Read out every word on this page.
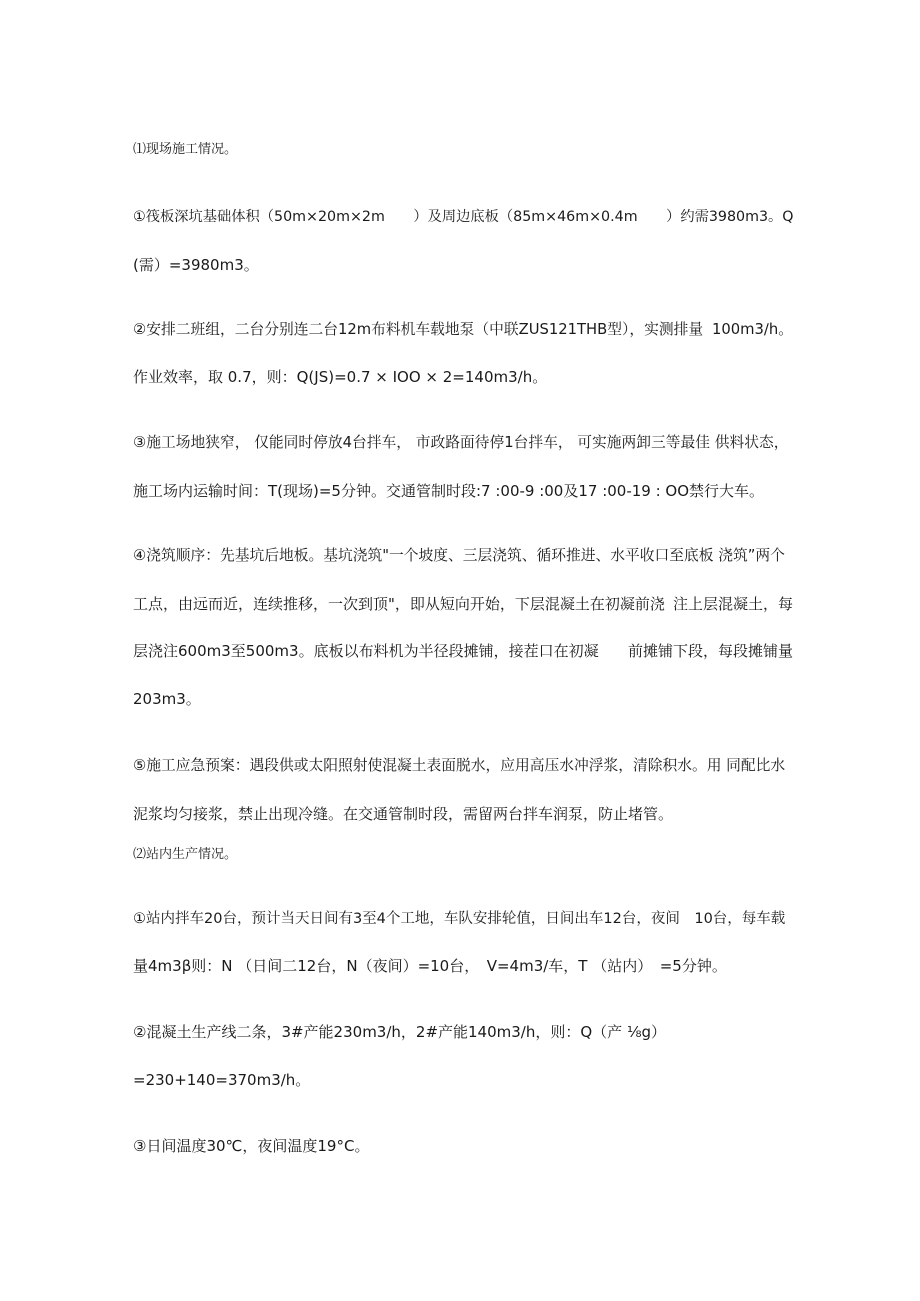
⑴现场施工情况。
①筏板深坑基础体积（50m×20m×2m　　）及周边底板（85m×46m×0.4m　　）约需3980m3。 Q
(需）=3980m3。
②安排二班组，二台分别连二台12m布料机车载地泵（中联ZUS121THB型），实测排量 100m3∕h。
作业效率，取 0.7，则：Q(JS)=0.7 × IOO × 2=140m3∕h。
③施工场地狭窄， 仅能同时停放4台拌车， 市政路面待停1台拌车， 可实施两卸三等最佳 供料状态，
施工场内运输时间：T(现场)=5分钟。交通管制时段:7 :00-9 :00及17 :00-19 : OO禁行大车。
④浇筑顺序：先基坑后地板。基坑浇筑"一个坡度、三层浇筑、循环推进、水平收口至底板 浇筑”两个
工点，由远而近，连续推移，一次到顶"，即从短向开始，下层混凝土在初凝前浇 注上层混凝土，每
层浇注600m3至500m3。底板以布料机为半径段摊铺，接茬口在初凝 前摊铺下段，每段摊铺量
203m3。
⑤施工应急预案：遇段供或太阳照射使混凝土表面脱水，应用高压水冲浮浆，清除积水。用 同配比水
泥浆均匀接浆，禁止出现冷缝。在交通管制时段，需留两台拌车润泵，防止堵管。
⑵站内生产情况。
①站内拌车20台，预计当天日间有3至4个工地，车队安排轮值，日间出车12台，夜间　10台，每车载
量4m3β则：N （日间二12台，N（夜间）=10台，　V=4m3∕车，T （站内）　=5分钟。
②混凝土生产线二条，3#产能230m3∕h，2#产能140m3∕h，则：Q（产 ⅛g）
=230+140=370m3∕h。
③日间温度30℃，夜间温度19°C。
